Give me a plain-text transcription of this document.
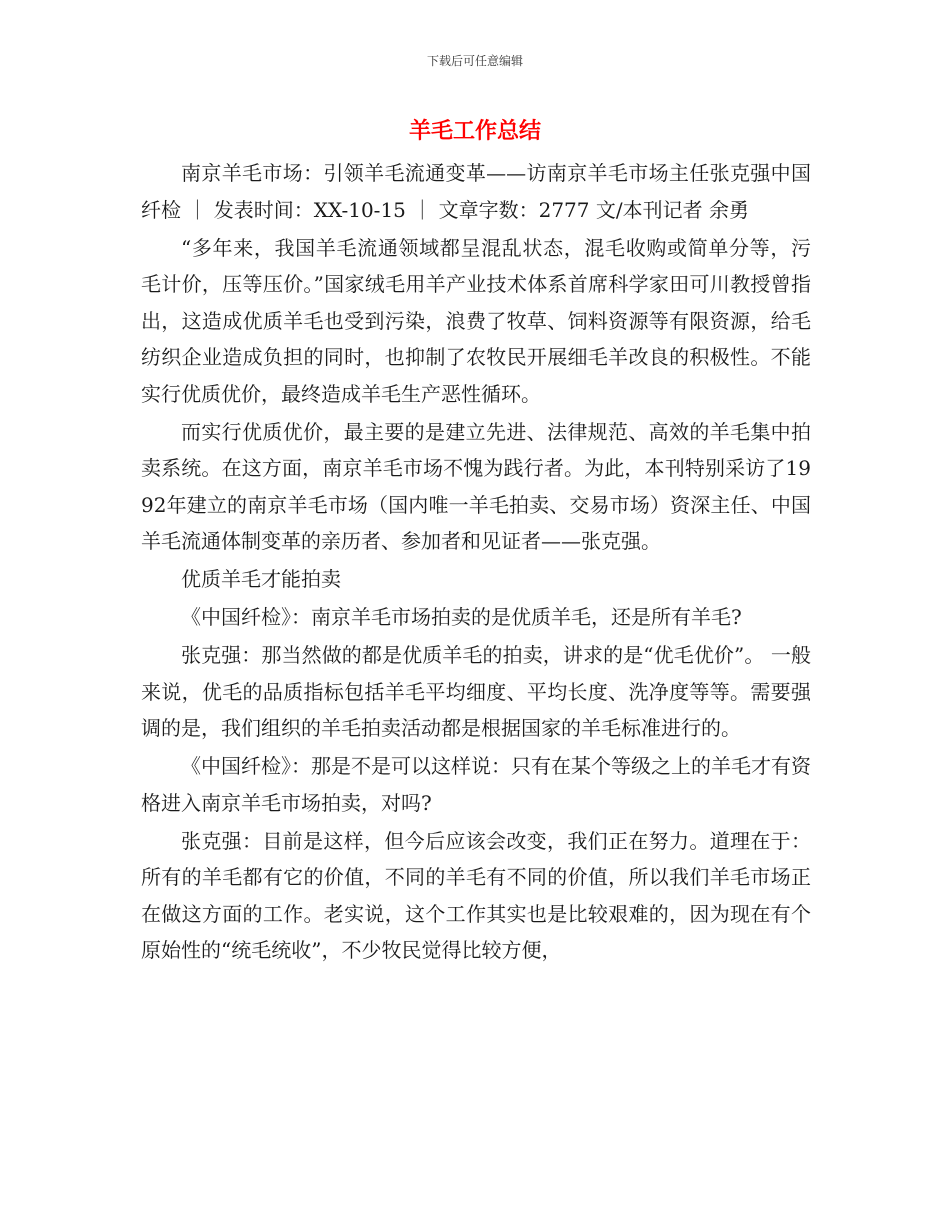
下载后可任意编辑
羊毛工作总结

南京羊毛市场：引领羊毛流通变革——访南京羊毛市场主任张克强中国纤检 ｜ 发表时间：XX-10-15 ｜ 文章字数：2777 文/本刊记者 余勇

“多年来，我国羊毛流通领域都呈混乱状态，混毛收购或简单分等，污毛计价，压等压价。”国家绒毛用羊产业技术体系首席科学家田可川教授曾指出，这造成优质羊毛也受到污染，浪费了牧草、饲料资源等有限资源，给毛纺织企业造成负担的同时，也抑制了农牧民开展细毛羊改良的积极性。不能实行优质优价，最终造成羊毛生产恶性循环。

而实行优质优价，最主要的是建立先进、法律规范、高效的羊毛集中拍卖系统。在这方面，南京羊毛市场不愧为践行者。为此，本刊特别采访了1992年建立的南京羊毛市场（国内唯一羊毛拍卖、交易市场）资深主任、中国羊毛流通体制变革的亲历者、参加者和见证者——张克强。

优质羊毛才能拍卖

《中国纤检》：南京羊毛市场拍卖的是优质羊毛，还是所有羊毛?

张克强：那当然做的都是优质羊毛的拍卖，讲求的是“优毛优价”。 一般来说，优毛的品质指标包括羊毛平均细度、平均长度、洗净度等等。需要强调的是，我们组织的羊毛拍卖活动都是根据国家的羊毛标准进行的。

《中国纤检》：那是不是可以这样说：只有在某个等级之上的羊毛才有资格进入南京羊毛市场拍卖，对吗?

张克强：目前是这样，但今后应该会改变，我们正在努力。道理在于：所有的羊毛都有它的价值，不同的羊毛有不同的价值，所以我们羊毛市场正在做这方面的工作。老实说，这个工作其实也是比较艰难的，因为现在有个原始性的“统毛统收”，不少牧民觉得比较方便，
